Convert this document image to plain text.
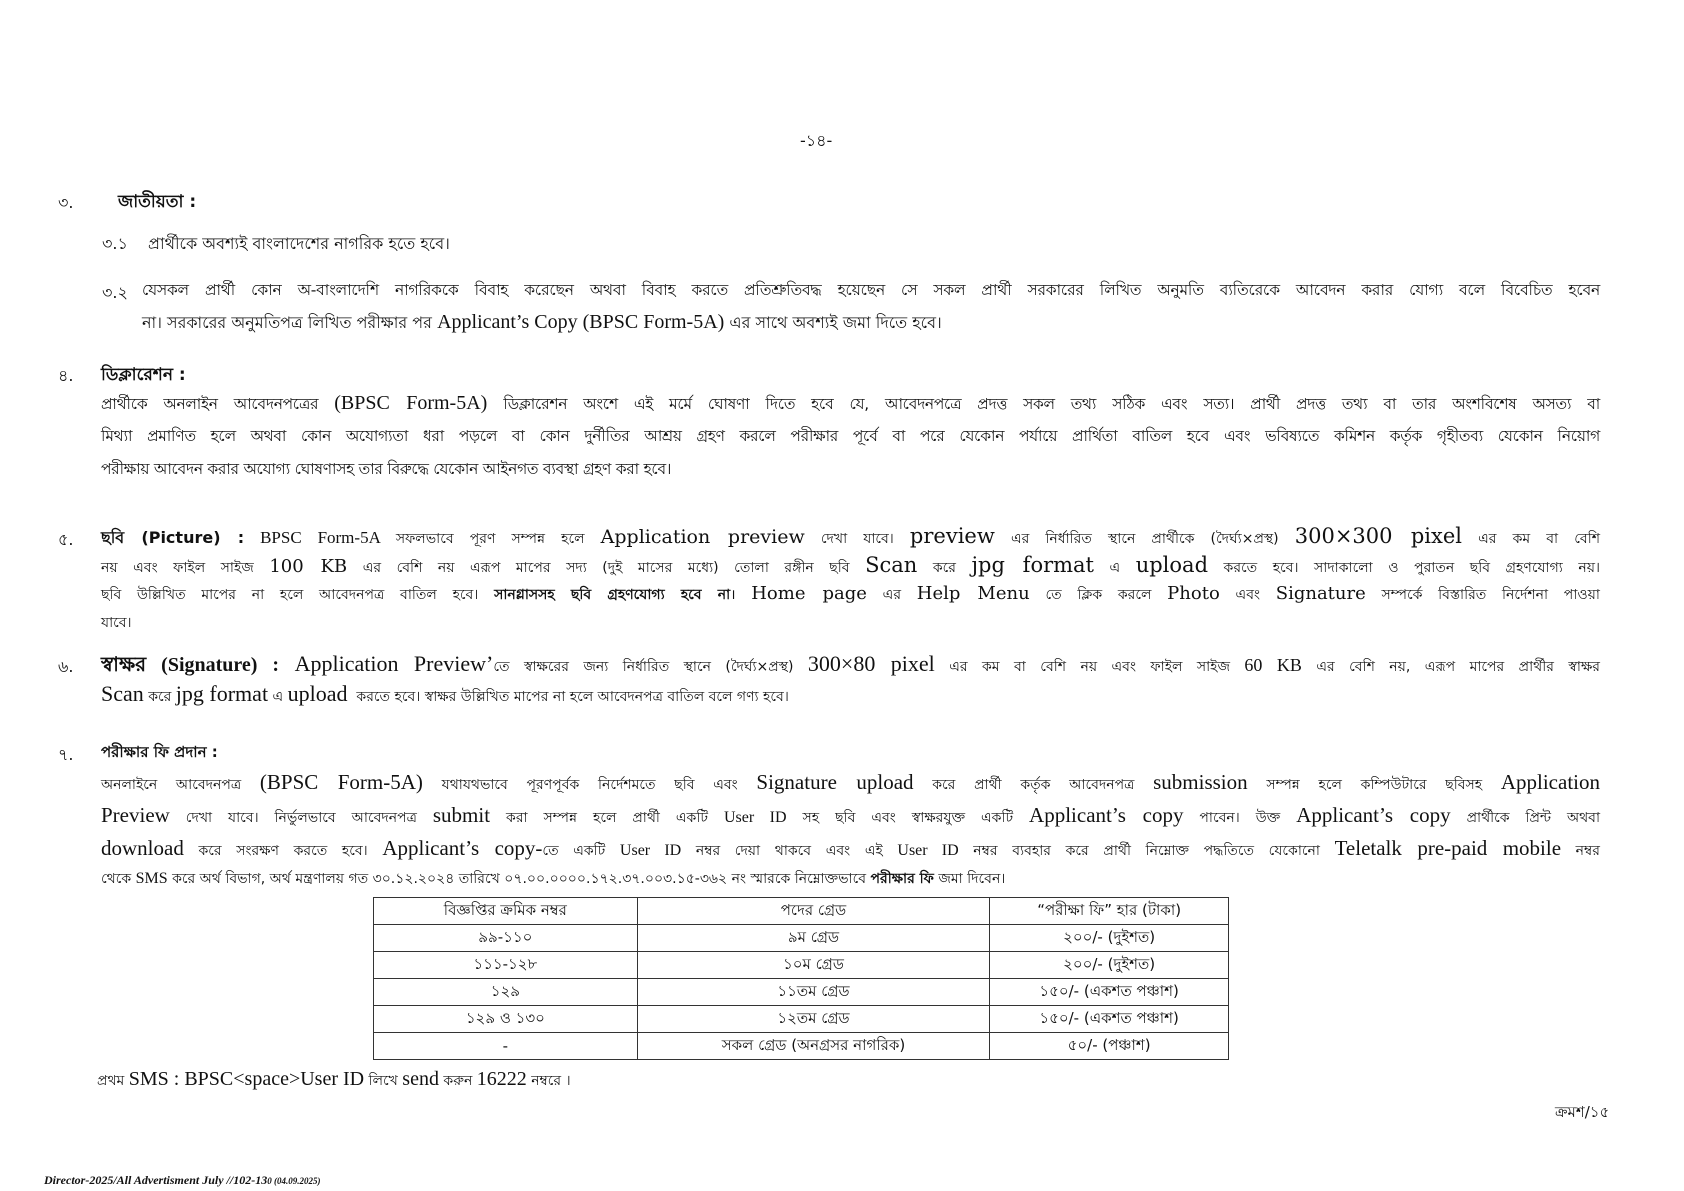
-১৪-
৩.	জাতীয়তা :
৩.১ প্রার্থীকে অবশ্যই বাংলাদেশের নাগরিক হতে হবে।
৩.২ যেসকল প্রার্থী কোন অ-বাংলাদেশি নাগরিককে বিবাহ করেছেন অথবা বিবাহ করতে প্রতিশ্রুতিবদ্ধ হয়েছেন সে সকল প্রার্থী সরকারের লিখিত অনুমতি ব্যতিরেকে আবেদন করার যোগ্য বলে বিবেচিত হবেন
না। সরকারের অনুমতিপত্র লিখিত পরীক্ষার পর Applicant’s Copy (BPSC Form-5A) এর সাথে অবশ্যই জমা দিতে হবে।
৪. ডিক্লারেশন :
প্রার্থীকে অনলাইন আবেদনপত্রের (BPSC Form-5A) ডিক্লারেশন অংশে এই মর্মে ঘোষণা দিতে হবে যে, আবেদনপত্রে প্রদত্ত সকল তথ্য সঠিক এবং সত্য। প্রার্থী প্রদত্ত তথ্য বা তার অংশবিশেষ অসত্য বা
মিথ্যা প্রমাণিত হলে অথবা কোন অযোগ্যতা ধরা পড়লে বা কোন দুর্নীতির আশ্রয় গ্রহণ করলে পরীক্ষার পূর্বে বা পরে যেকোন পর্যায়ে প্রার্থিতা বাতিল হবে এবং ভবিষ্যতে কমিশন কর্তৃক গৃহীতব্য যেকোন নিয়োগ
পরীক্ষায় আবেদন করার অযোগ্য ঘোষণাসহ তার বিরুদ্ধে যেকোন আইনগত ব্যবস্থা গ্রহণ করা হবে।
৫. ছবি (Picture) : BPSC Form-5A সফলভাবে পূরণ সম্পন্ন হলে Application preview দেখা যাবে। preview এর নির্ধারিত স্থানে প্রার্থীকে (দৈর্ঘ্য×প্রস্থ) 300×300 pixel এর কম বা বেশি
নয় এবং ফাইল সাইজ 100 KB এর বেশি নয় এরূপ মাপের সদ্য (দুই মাসের মধ্যে) তোলা রঙ্গীন ছবি Scan করে jpg format এ upload করতে হবে। সাদাকালো ও পুরাতন ছবি গ্রহণযোগ্য নয়।
ছবি উল্লিখিত মাপের না হলে আবেদনপত্র বাতিল হবে। সানগ্লাসসহ ছবি গ্রহণযোগ্য হবে না। Home page এর Help Menu তে ক্লিক করলে Photo এবং Signature সম্পর্কে বিস্তারিত নির্দেশনা পাওয়া
যাবে।
৬. স্বাক্ষর (Signature) : Application Preview’তে স্বাক্ষরের জন্য নির্ধারিত স্থানে (দৈর্ঘ্য×প্রস্থ) 300×80 pixel এর কম বা বেশি নয় এবং ফাইল সাইজ 60 KB এর বেশি নয়, এরূপ মাপের প্রার্থীর স্বাক্ষর
Scan করে jpg format এ upload  করতে হবে। স্বাক্ষর উল্লিখিত মাপের না হলে আবেদনপত্র বাতিল বলে গণ্য হবে।
৭. পরীক্ষার ফি প্রদান :
অনলাইনে আবেদনপত্র (BPSC Form-5A) যথাযথভাবে পূরণপূর্বক নির্দেশমতে ছবি এবং Signature upload করে প্রার্থী কর্তৃক আবেদনপত্র submission সম্পন্ন হলে কম্পিউটারে ছবিসহ Application
Preview দেখা যাবে। নির্ভুলভাবে আবেদনপত্র submit করা সম্পন্ন হলে প্রার্থী একটি User ID সহ ছবি এবং স্বাক্ষরযুক্ত একটি Applicant’s copy পাবেন। উক্ত Applicant’s copy প্রার্থীকে প্রিন্ট অথবা
download করে সংরক্ষণ করতে হবে। Applicant’s copy-তে একটি User ID নম্বর দেয়া থাকবে এবং এই User ID নম্বর ব্যবহার করে প্রার্থী নিম্নোক্ত পদ্ধতিতে যেকোনো Teletalk pre-paid mobile নম্বর
থেকে SMS করে অর্থ বিভাগ, অর্থ মন্ত্রণালয় গত ৩০.১২.২০২৪ তারিখে ০৭.০০.০০০০.১৭২.৩৭.০০৩.১৫-৩৬২ নং স্মারকে নিম্নোক্তভাবে পরীক্ষার ফি জমা দিবেন।
বিজ্ঞপ্তির ক্রমিক নম্বর	পদের গ্রেড	“পরীক্ষা ফি” হার (টাকা)
৯৯-১১০	৯ম গ্রেড	২০০/- (দুইশত)
১১১-১২৮	১০ম গ্রেড	২০০/- (দুইশত)
১২৯	১১তম গ্রেড	১৫০/- (একশত পঞ্চাশ)
১২৯ ও ১৩০	১২তম গ্রেড	১৫০/- (একশত পঞ্চাশ)
-	সকল গ্রেড (অনগ্রসর নাগরিক)	৫০/- (পঞ্চাশ)
প্রথম SMS : BPSC<space>User ID লিখে send করুন 16222 নম্বরে ।
ক্রমশ/১৫
Director-2025/All Advertisment July //102-130 (04.09.2025)
